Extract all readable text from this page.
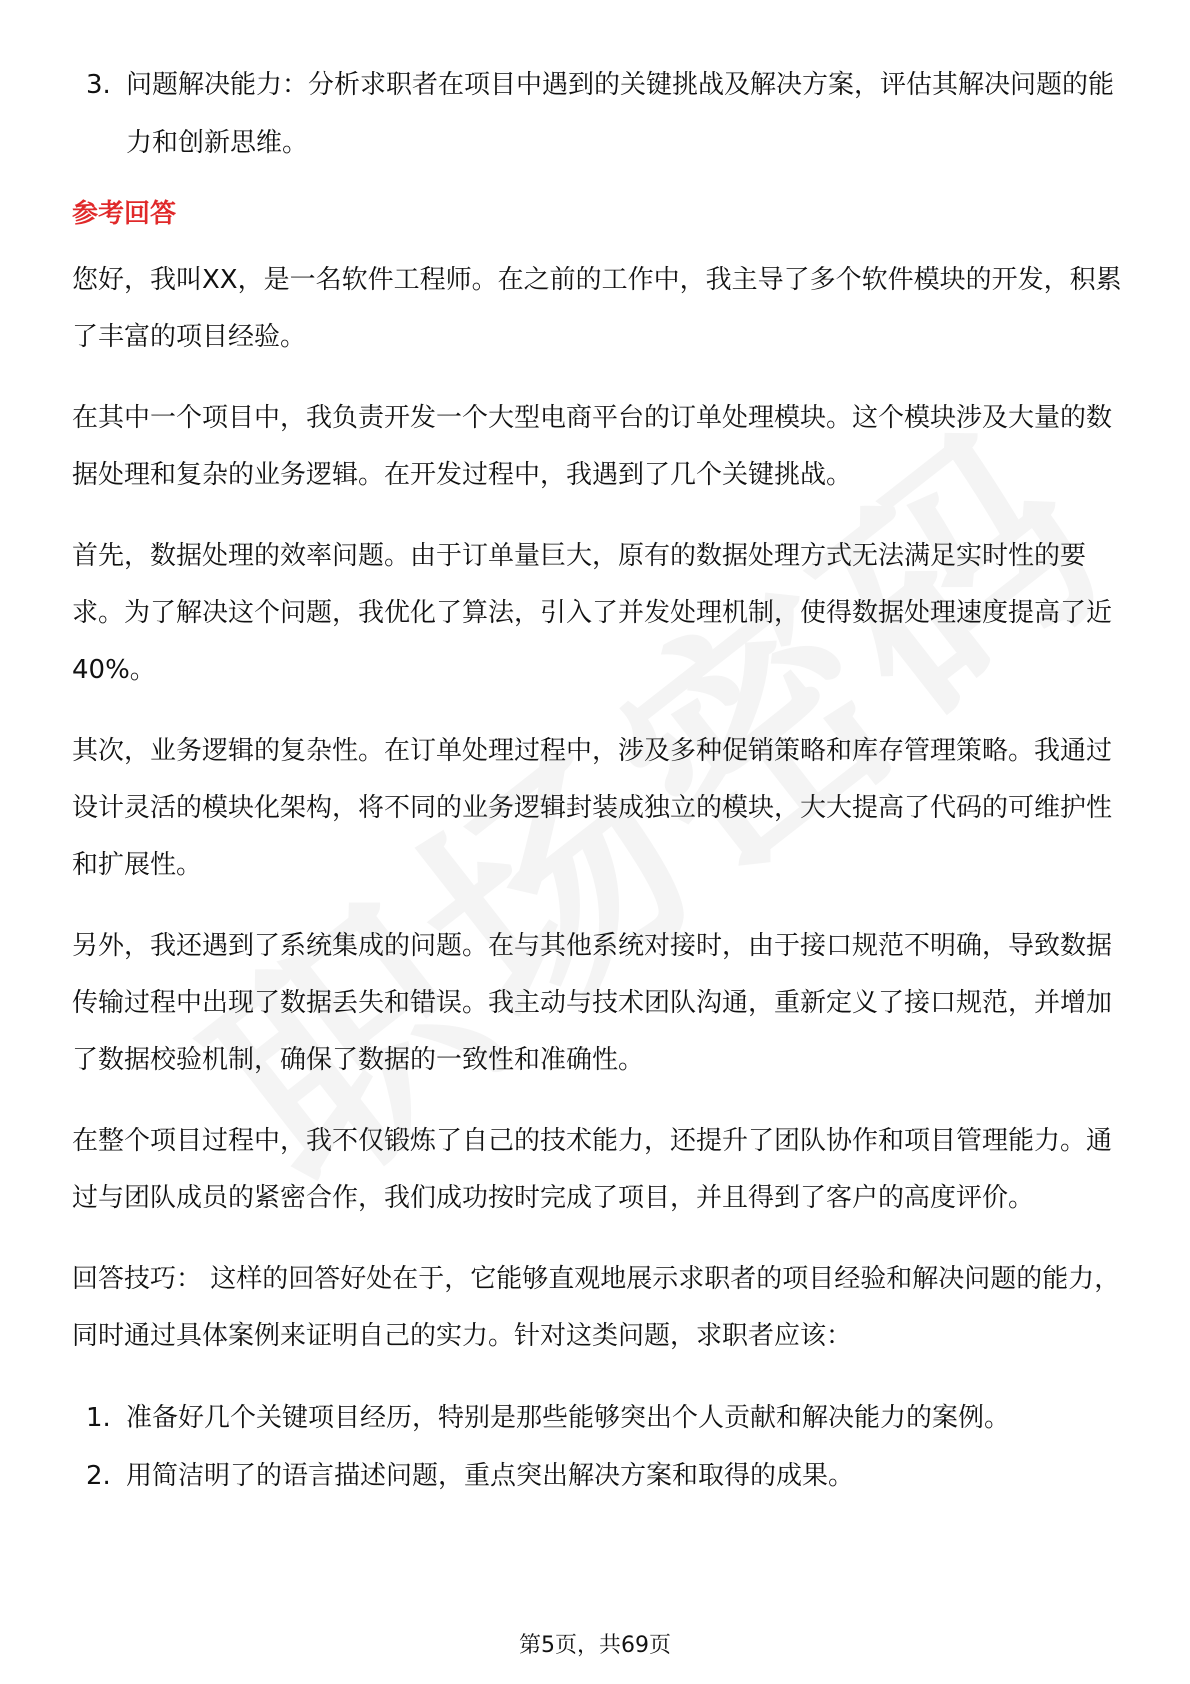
3. 问题解决能力：分析求职者在项目中遇到的关键挑战及解决方案，评估其解决问题的能力和创新思维。
参考回答

您好，我叫XX，是一名软件工程师。在之前的工作中，我主导了多个软件模块的开发，积累了丰富的项目经验。

在其中一个项目中，我负责开发一个大型电商平台的订单处理模块。这个模块涉及大量的数据处理和复杂的业务逻辑。在开发过程中，我遇到了几个关键挑战。

首先，数据处理的效率问题。由于订单量巨大，原有的数据处理方式无法满足实时性的要求。为了解决这个问题，我优化了算法，引入了并发处理机制，使得数据处理速度提高了近40%。

其次，业务逻辑的复杂性。在订单处理过程中，涉及多种促销策略和库存管理策略。我通过设计灵活的模块化架构，将不同的业务逻辑封装成独立的模块，大大提高了代码的可维护性和扩展性。

另外，我还遇到了系统集成的问题。在与其他系统对接时，由于接口规范不明确，导致数据传输过程中出现了数据丢失和错误。我主动与技术团队沟通，重新定义了接口规范，并增加了数据校验机制，确保了数据的一致性和准确性。

在整个项目过程中，我不仅锻炼了自己的技术能力，还提升了团队协作和项目管理能力。通过与团队成员的紧密合作，我们成功按时完成了项目，并且得到了客户的高度评价。

回答技巧： 这样的回答好处在于，它能够直观地展示求职者的项目经验和解决问题的能力，同时通过具体案例来证明自己的实力。针对这类问题，求职者应该：

1. 准备好几个关键项目经历，特别是那些能够突出个人贡献和解决能力的案例。
2. 用简洁明了的语言描述问题，重点突出解决方案和取得的成果。
第5页，共69页
